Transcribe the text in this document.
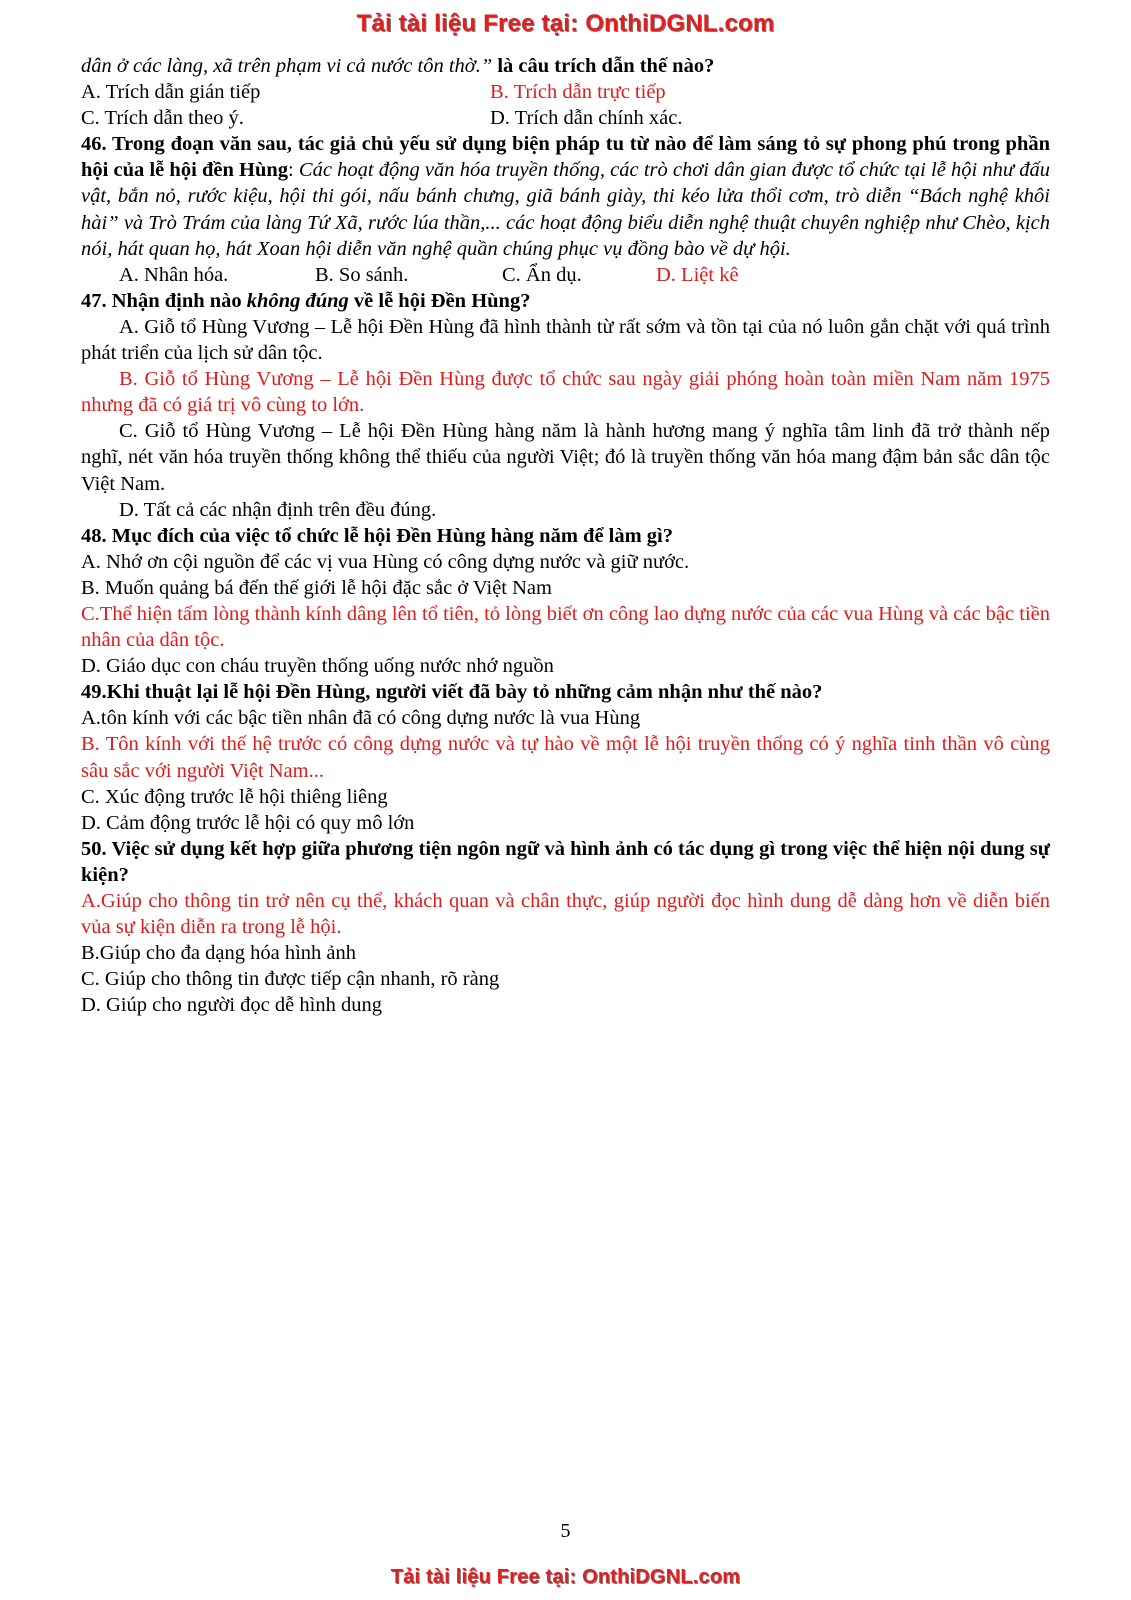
Tải tài liệu Free tại: OnthiDGNL.com
dân ở các làng, xã trên phạm vi cả nước tôn thờ.” là câu trích dẫn thế nào?
A. Trích dẫn gián tiếp	B. Trích dẫn trực tiếp
C. Trích dẫn theo ý.	D. Trích dẫn chính xác.
46. Trong đoạn văn sau, tác giả chủ yếu sử dụng biện pháp tu từ nào để làm sáng tỏ sự phong phú trong phần hội của lễ hội đền Hùng: Các hoạt động văn hóa truyền thống, các trò chơi dân gian được tổ chức tại lễ hội như đấu vật, bắn nỏ, rước kiệu, hội thi gói, nấu bánh chưng, giã bánh giày, thi kéo lửa thổi cơm, trò diễn “Bách nghệ khôi hài” và Trò Trám của làng Tứ Xã, rước lúa thần,... các hoạt động biểu diễn nghệ thuật chuyên nghiệp như Chèo, kịch nói, hát quan họ, hát Xoan hội diễn văn nghệ quần chúng phục vụ đồng bào về dự hội.
A. Nhân hóa.	B. So sánh.	C. Ẩn dụ.	D. Liệt kê
47. Nhận định nào không đúng về lễ hội Đền Hùng?
A. Giỗ tổ Hùng Vương – Lễ hội Đền Hùng đã hình thành từ rất sớm và tồn tại của nó luôn gắn chặt với quá trình phát triển của lịch sử dân tộc.
B. Giỗ tổ Hùng Vương – Lễ hội Đền Hùng được tổ chức sau ngày giải phóng hoàn toàn miền Nam năm 1975 nhưng đã có giá trị vô cùng to lớn.
C. Giỗ tổ Hùng Vương – Lễ hội Đền Hùng hàng năm là hành hương mang ý nghĩa tâm linh đã trở thành nếp nghĩ, nét văn hóa truyền thống không thể thiếu của người Việt; đó là truyền thống văn hóa mang đậm bản sắc dân tộc Việt Nam.
D. Tất cả các nhận định trên đều đúng.
48. Mục đích của việc tổ chức lễ hội Đền Hùng hàng năm để làm gì?
A. Nhớ ơn cội nguồn để các vị vua Hùng có công dựng nước và giữ nước.
B. Muốn quảng bá đến thế giới lễ hội đặc sắc ở Việt Nam
C.Thể hiện tấm lòng thành kính dâng lên tổ tiên, tỏ lòng biết ơn công lao dựng nước của các vua Hùng và các bậc tiền nhân của dân tộc.
D. Giáo dục con cháu truyền thống uống nước nhớ nguồn
49.Khi thuật lại lễ hội Đền Hùng, người viết đã bày tỏ những cảm nhận như thế nào?
A.tôn kính với các bậc tiền nhân đã có công dựng nước là vua Hùng
B. Tôn kính với thế hệ trước có công dựng nước và tự hào về một lễ hội truyền thống có ý nghĩa tinh thần vô cùng sâu sắc với người Việt Nam...
C. Xúc động trước lễ hội thiêng liêng
D. Cảm động trước lễ hội có quy mô lớn
50. Việc sử dụng kết hợp giữa phương tiện ngôn ngữ và hình ảnh có tác dụng gì trong việc thể hiện nội dung sự kiện?
A.Giúp cho thông tin trở nên cụ thể, khách quan và chân thực, giúp người đọc hình dung dễ dàng hơn về diễn biến vủa sự kiện diễn ra trong lễ hội.
B.Giúp cho đa dạng hóa hình ảnh
C. Giúp cho thông tin được tiếp cận nhanh, rõ ràng
D. Giúp cho người đọc dễ hình dung
5
Tải tài liệu Free tại: OnthiDGNL.com
